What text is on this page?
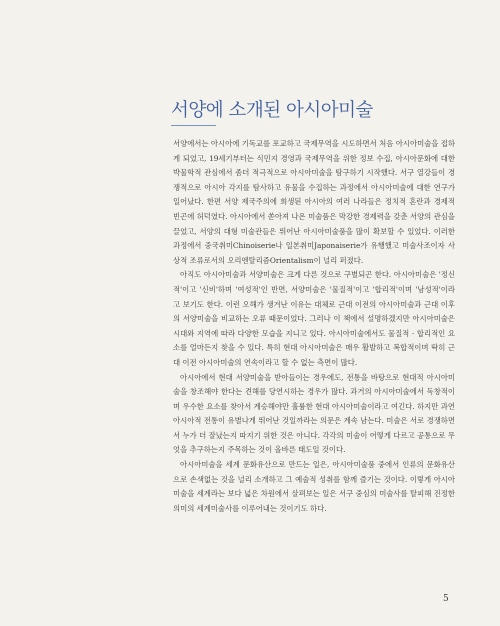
서양에 소개된 아시아미술

서양에서는 아시아에 기독교를 포교하고 국제무역을 시도하면서 처음 아시아미술을 접하게 되었고, 19세기부터는 식민지 경영과 국제무역을 위한 정보 수집, 아시아문화에 대한 박물학적 관심에서 좀더 적극적으로 아시아미술을 탐구하기 시작했다. 서구 열강들이 경쟁적으로 아시아 각지를 탐사하고 유물을 수집하는 과정에서 아시아미술에 대한 연구가 일어났다. 한편 서양 제국주의에 희생된 아시아의 여러 나라들은 정치적 혼란과 경제적 빈곤에 허덕였다. 아시아에서 쏟아져 나온 미술품은 막강한 경제력을 갖춘 서양의 관심을 끌었고, 서양의 대형 미술관들은 뛰어난 아시아미술품을 많이 확보할 수 있었다. 이러한 과정에서 중국취미Chinoiserie나 일본취미Japonaiserie가 유행했고 미술사조이자 사상적 조류로서의 오리엔탈리즘Orientalism이 널리 퍼졌다.

아직도 아시아미술과 서양미술은 크게 다른 것으로 구별되곤 한다. 아시아미술은 '정신적'이고 '신비'하며 '여성적'인 반면, 서양미술은 '물질적'이고 '합리적'이며 '남성적'이라고 보기도 한다. 이런 오해가 생겨난 이유는 대체로 근대 이전의 아시아미술과 근대 이후의 서양미술을 비교하는 오류 때문이었다. 그러나 이 책에서 설명하겠지만 아시아미술은 시대와 지역에 따라 다양한 모습을 지니고 있다. 아시아미술에서도 물질적 · 합리적인 요소를 얼마든지 찾을 수 있다. 특히 현대 아시아미술은 매우 활발하고 복합적이며 딱히 근대 이전 아시아미술의 연속이라고 할 수 없는 측면이 많다.

아시아에서 현대 서양미술을 받아들이는 경우에도, 전통을 바탕으로 현대적 아시아미술을 창조해야 한다는 견해를 당연시하는 경우가 많다. 과거의 아시아미술에서 독창적이며 우수한 요소를 찾아서 계승해야만 훌륭한 현대 아시아미술이라고 여긴다. 하지만 과연 아시아적 전통이 유별나게 뛰어난 것일까라는 의문은 계속 남는다. 미술은 서로 경쟁하면서 누가 더 잘났는지 따지기 위한 것은 아니다. 각각의 미술이 어떻게 다르고 공통으로 무엇을 추구하는지 주목하는 것이 올바른 태도일 것이다.

아시아미술을 세계 문화유산으로 만드는 일은, 아시아미술품 중에서 인류의 문화유산으로 손색없는 것을 널리 소개하고 그 예술적 성취를 함께 즐기는 것이다. 이렇게 아시아미술을 세계라는 보다 넓은 차원에서 살펴보는 일은 서구 중심의 미술사를 탈피해 진정한 의미의 세계미술사를 이루어내는 것이기도 하다.

5
